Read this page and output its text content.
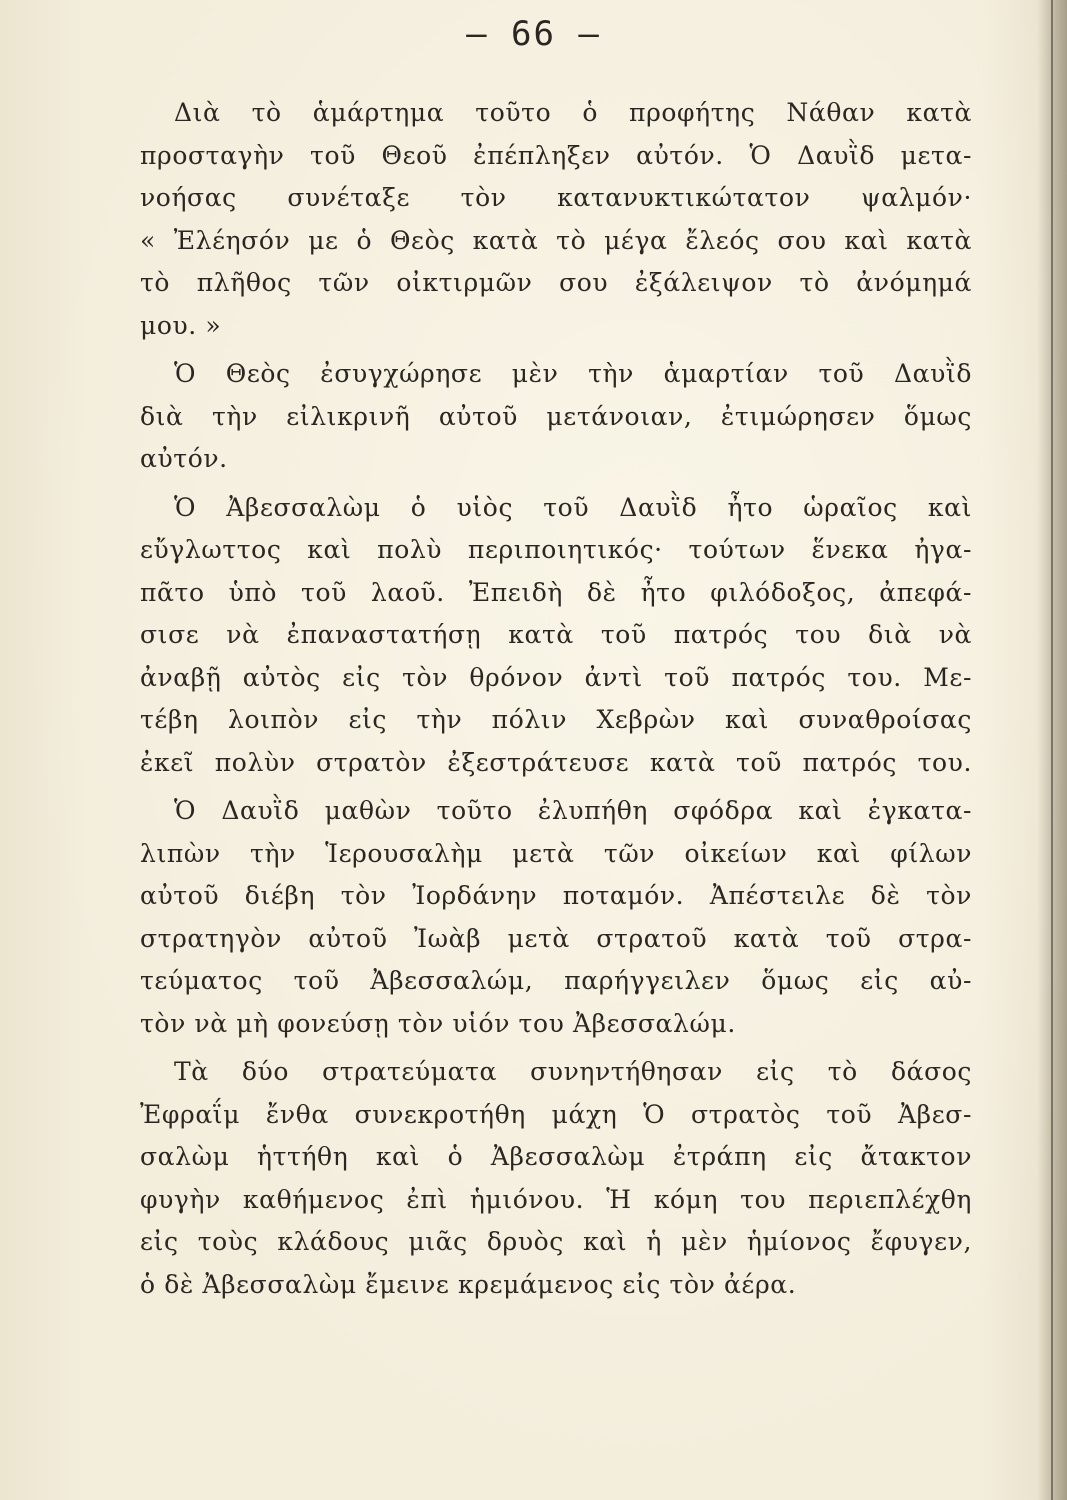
— 66 —
Διὰ τὸ ἁμάρτημα τοῦτο ὁ προφήτης Νάθαν κατὰ
προσταγὴν τοῦ Θεοῦ ἐπέπληξεν αὐτόν. Ὁ Δαυῒδ μετα-
νοήσας συνέταξε τὸν κατανυκτικώτατον ψαλμόν·
« Ἐλέησόν με ὁ Θεὸς κατὰ τὸ μέγα ἔλεός σου καὶ κατὰ
τὸ πλῆθος τῶν οἰκτιρμῶν σου ἐξάλειψον τὸ ἀνόμημά
μου. »
Ὁ Θεὸς ἐσυγχώρησε μὲν τὴν ἁμαρτίαν τοῦ Δαυῒδ
διὰ τὴν εἰλικρινῆ αὐτοῦ μετάνοιαν, ἐτιμώρησεν ὅμως
αὐτόν.
Ὁ Ἀβεσσαλὼμ ὁ υἱὸς τοῦ Δαυῒδ ἦτο ὡραῖος καὶ
εὔγλωττος καὶ πολὺ περιποιητικός· τούτων ἕνεκα ἠγα-
πᾶτο ὑπὸ τοῦ λαοῦ. Ἐπειδὴ δὲ ἦτο φιλόδοξος, ἀπεφά-
σισε νὰ ἐπαναστατήσῃ κατὰ τοῦ πατρός του διὰ νὰ
ἀναβῇ αὐτὸς εἰς τὸν θρόνον ἀντὶ τοῦ πατρός του. Με-
τέβη λοιπὸν εἰς τὴν πόλιν Χεβρὼν καὶ συναθροίσας
ἐκεῖ πολὺν στρατὸν ἐξεστράτευσε κατὰ τοῦ πατρός του.
Ὁ Δαυῒδ μαθὼν τοῦτο ἐλυπήθη σφόδρα καὶ ἐγκατα-
λιπὼν τὴν Ἱερουσαλὴμ μετὰ τῶν οἰκείων καὶ φίλων
αὐτοῦ διέβη τὸν Ἰορδάνην ποταμόν. Ἀπέστειλε δὲ τὸν
στρατηγὸν αὐτοῦ Ἰωὰβ μετὰ στρατοῦ κατὰ τοῦ στρα-
τεύματος τοῦ Ἀβεσσαλώμ, παρήγγειλεν ὅμως εἰς αὐ-
τὸν νὰ μὴ φονεύσῃ τὸν υἱόν του Ἀβεσσαλώμ.
Τὰ δύο στρατεύματα συνηντήθησαν εἰς τὸ δάσος
Ἐφραΐμ ἔνθα συνεκροτήθη μάχη Ὁ στρατὸς τοῦ Ἀβεσ-
σαλὼμ ἡττήθη καὶ ὁ Ἀβεσσαλὼμ ἐτράπη εἰς ἄτακτον
φυγὴν καθήμενος ἐπὶ ἡμιόνου. Ἡ κόμη του περιεπλέχθη
εἰς τοὺς κλάδους μιᾶς δρυὸς καὶ ἡ μὲν ἡμίονος ἔφυγεν,
ὁ δὲ Ἀβεσσαλὼμ ἔμεινε κρεμάμενος εἰς τὸν ἀέρα.
